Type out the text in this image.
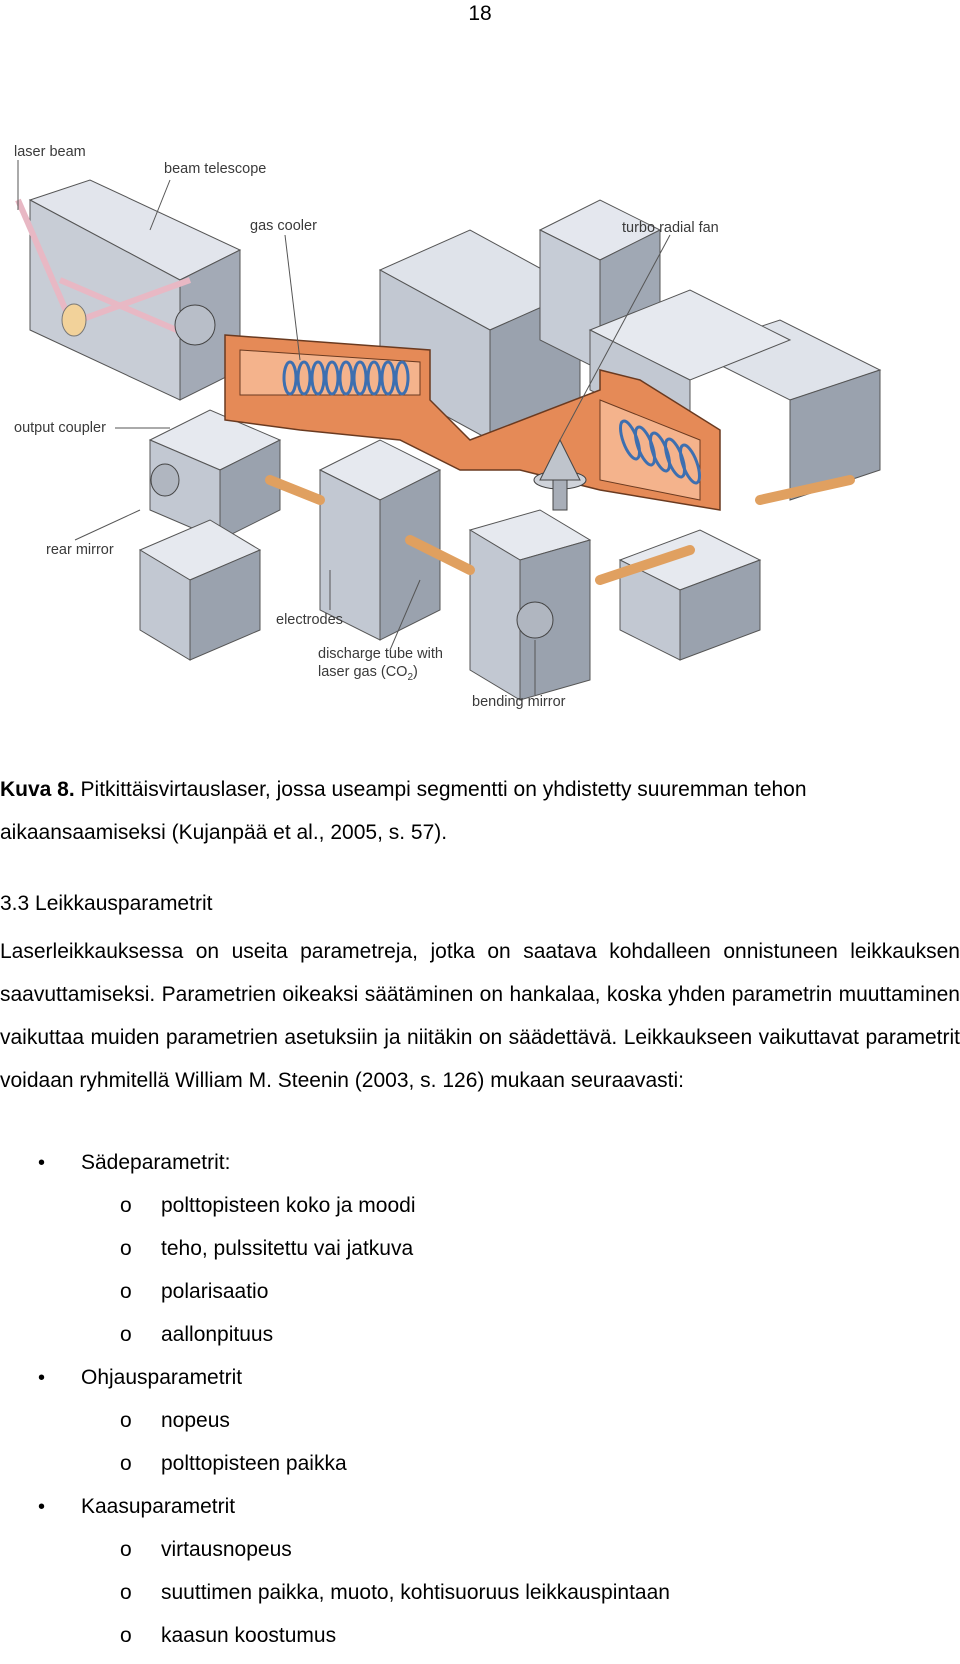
18
laser beam
beam telescope
gas cooler	turbo radial fan
output coupler
rear mirror
electrodes
discharge tube with
laser gas $(CO_2)$
bending mirror
Kuva 8. Pitkittäisvirtauslaser, jossa useampi segmentti on yhdistetty suuremman tehon aikaansaamiseksi (Kujanpää et al., 2005, s. 57).
3.3 Leikkausparametrit
Laserleikkauksessa on useita parametreja, jotka on saatava kohdalleen onnistuneen leikkauksen saavuttamiseksi. Parametrien oikeaksi säätäminen on hankalaa, koska yhden parametrin muuttaminen vaikuttaa muiden parametrien asetuksiin ja niitäkin on säädettävä. Leikkaukseen vaikuttavat parametrit voidaan ryhmitellä William M. Steenin (2003, s. 126) mukaan seuraavasti:
• Sädeparametrit:
o polttopisteen koko ja moodi
o teho, pulssitettu vai jatkuva
o polarisaatio
o aallonpituus
• Ohjausparametrit
o nopeus
o polttopisteen paikka
• Kaasuparametrit
o virtausnopeus
o suuttimen paikka, muoto, kohtisuoruus leikkauspintaan
o kaasun koostumus
